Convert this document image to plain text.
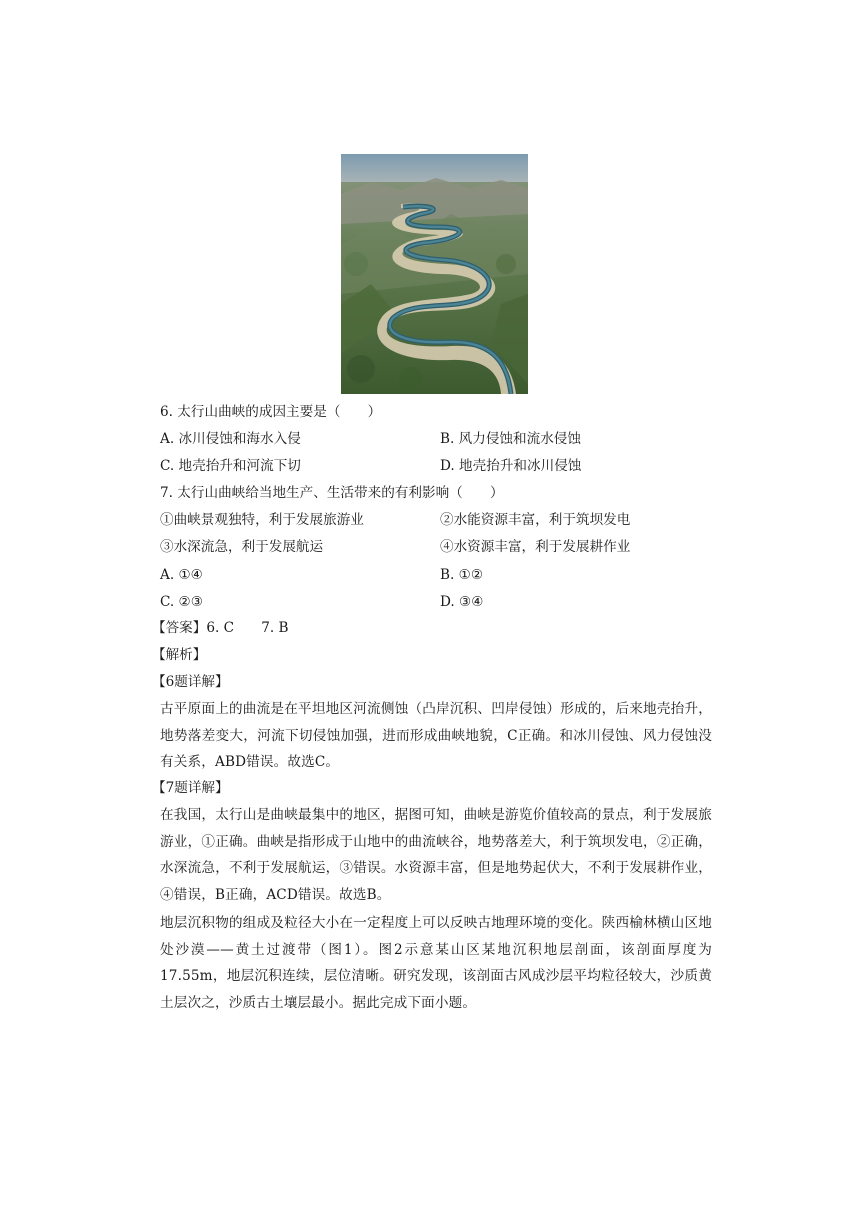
6. 太行山曲峡的成因主要是（　　）
A. 冰川侵蚀和海水入侵	B. 风力侵蚀和流水侵蚀
C. 地壳抬升和河流下切	D. 地壳抬升和冰川侵蚀
7. 太行山曲峡给当地生产、生活带来的有利影响（　　）
①曲峡景观独特，利于发展旅游业	②水能资源丰富，利于筑坝发电
③水深流急，利于发展航运	④水资源丰富，利于发展耕作业
A. ①④	B. ①②
C. ②③	D. ③④
【答案】6. C　　7. B
【解析】
【6题详解】
古平原面上的曲流是在平坦地区河流侧蚀（凸岸沉积、凹岸侵蚀）形成的，后来地壳抬升，地势落差变大，河流下切侵蚀加强，进而形成曲峡地貌，C正确。和冰川侵蚀、风力侵蚀没有关系，ABD错误。故选C。
【7题详解】
在我国，太行山是曲峡最集中的地区，据图可知，曲峡是游览价值较高的景点，利于发展旅游业，①正确。曲峡是指形成于山地中的曲流峡谷，地势落差大，利于筑坝发电，②正确，水深流急，不利于发展航运，③错误。水资源丰富，但是地势起伏大，不利于发展耕作业，④错误，B正确，ACD错误。故选B。
地层沉积物的组成及粒径大小在一定程度上可以反映古地理环境的变化。陕西榆林横山区地处沙漠——黄土过渡带（图1）。图2示意某山区某地沉积地层剖面，该剖面厚度为17.55m，地层沉积连续，层位清晰。研究发现，该剖面古风成沙层平均粒径较大，沙质黄土层次之，沙质古土壤层最小。据此完成下面小题。
